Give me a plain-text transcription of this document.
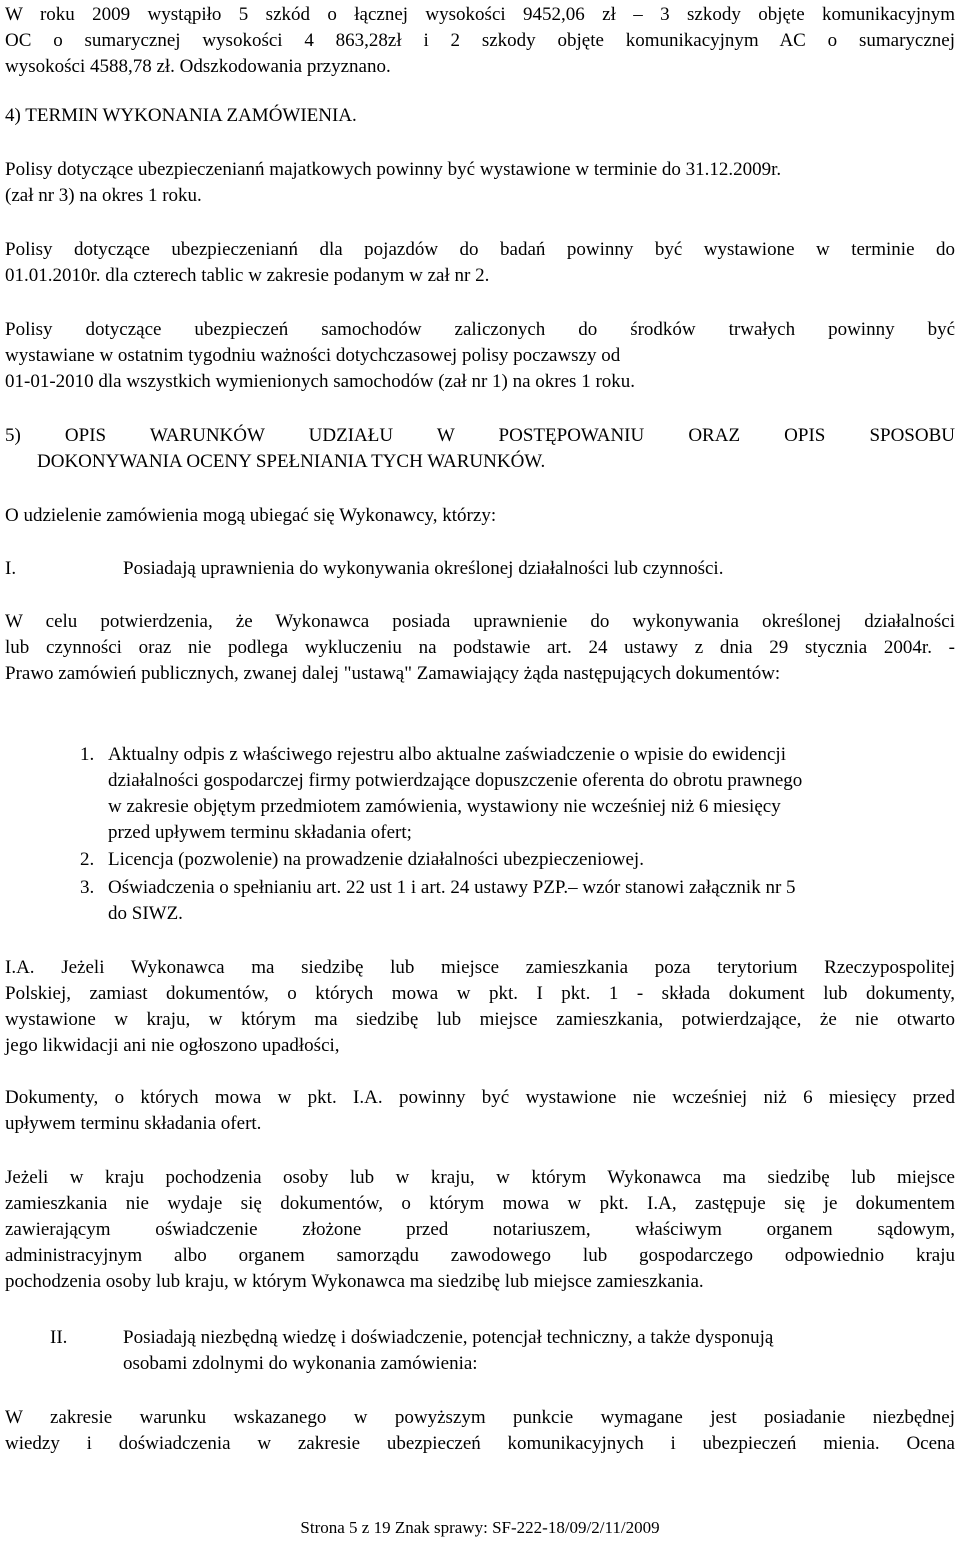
W roku 2009 wystąpiło 5 szkód o łącznej wysokości 9452,06 zł – 3 szkody objęte komunikacyjnym
OC o sumarycznej wysokości 4 863,28zł i 2 szkody objęte komunikacyjnym AC o sumarycznej
wysokości 4588,78 zł. Odszkodowania przyznano.

4) TERMIN WYKONANIA ZAMÓWIENIA.

Polisy dotyczące ubezpieczenianń majatkowych powinny być wystawione w terminie do 31.12.2009r.
(zał nr 3) na okres 1 roku.

Polisy dotyczące ubezpieczenianń dla pojazdów do badań powinny być wystawione w terminie do
01.01.2010r. dla czterech tablic w zakresie podanym w zał nr 2.

Polisy dotyczące ubezpieczeń samochodów zaliczonych do środków trwałych powinny być
wystawiane w ostatnim tygodniu ważności dotychczasowej polisy poczawszy od
01-01-2010 dla wszystkich wymienionych samochodów (zał nr 1) na okres 1 roku.

5) OPIS WARUNKÓW UDZIAŁU W POSTĘPOWANIU ORAZ OPIS SPOSOBU
DOKONYWANIA OCENY SPEŁNIANIA TYCH WARUNKÓW.

O udzielenie zamówienia mogą ubiegać się Wykonawcy, którzy:

I.	Posiadają uprawnienia do wykonywania określonej działalności lub czynności.

W celu potwierdzenia, że Wykonawca posiada uprawnienie do wykonywania określonej działalności
lub czynności oraz nie podlega wykluczeniu na podstawie art. 24 ustawy z dnia 29 stycznia 2004r. -
Prawo zamówień publicznych, zwanej dalej "ustawą" Zamawiający żąda następujących dokumentów:

1. Aktualny odpis z właściwego rejestru albo aktualne zaświadczenie o wpisie do ewidencji
działalności gospodarczej firmy potwierdzające dopuszczenie oferenta do obrotu prawnego
w zakresie objętym przedmiotem zamówienia, wystawiony nie wcześniej niż 6 miesięcy
przed upływem terminu składania ofert;
2. Licencja (pozwolenie) na prowadzenie działalności ubezpieczeniowej.
3. Oświadczenia o spełnianiu art. 22 ust 1 i art. 24 ustawy PZP.– wzór stanowi załącznik nr 5
do SIWZ.

I.A. Jeżeli Wykonawca ma siedzibę lub miejsce zamieszkania poza terytorium Rzeczypospolitej
Polskiej, zamiast dokumentów, o których mowa w pkt. I pkt. 1 - składa dokument lub dokumenty,
wystawione w kraju, w którym ma siedzibę lub miejsce zamieszkania, potwierdzające, że nie otwarto
jego likwidacji ani nie ogłoszono upadłości,

Dokumenty, o których mowa w pkt. I.A. powinny być wystawione nie wcześniej niż 6 miesięcy przed
upływem terminu składania ofert.

Jeżeli w kraju pochodzenia osoby lub w kraju, w którym Wykonawca ma siedzibę lub miejsce
zamieszkania nie wydaje się dokumentów, o którym mowa w pkt. I.A, zastępuje się je dokumentem
zawierającym oświadczenie złożone przed notariuszem, właściwym organem sądowym,
administracyjnym albo organem samorządu zawodowego lub gospodarczego odpowiednio kraju
pochodzenia osoby lub kraju, w którym Wykonawca ma siedzibę lub miejsce zamieszkania.

II.	Posiadają niezbędną wiedzę i doświadczenie, potencjał techniczny, a także dysponują
osobami zdolnymi do wykonania zamówienia:

W zakresie warunku wskazanego w powyższym punkcie wymagane jest posiadanie niezbędnej
wiedzy i doświadczenia w zakresie ubezpieczeń komunikacyjnych i ubezpieczeń mienia. Ocena

Strona 5 z 19 Znak sprawy: SF-222-18/09/2/11/2009
